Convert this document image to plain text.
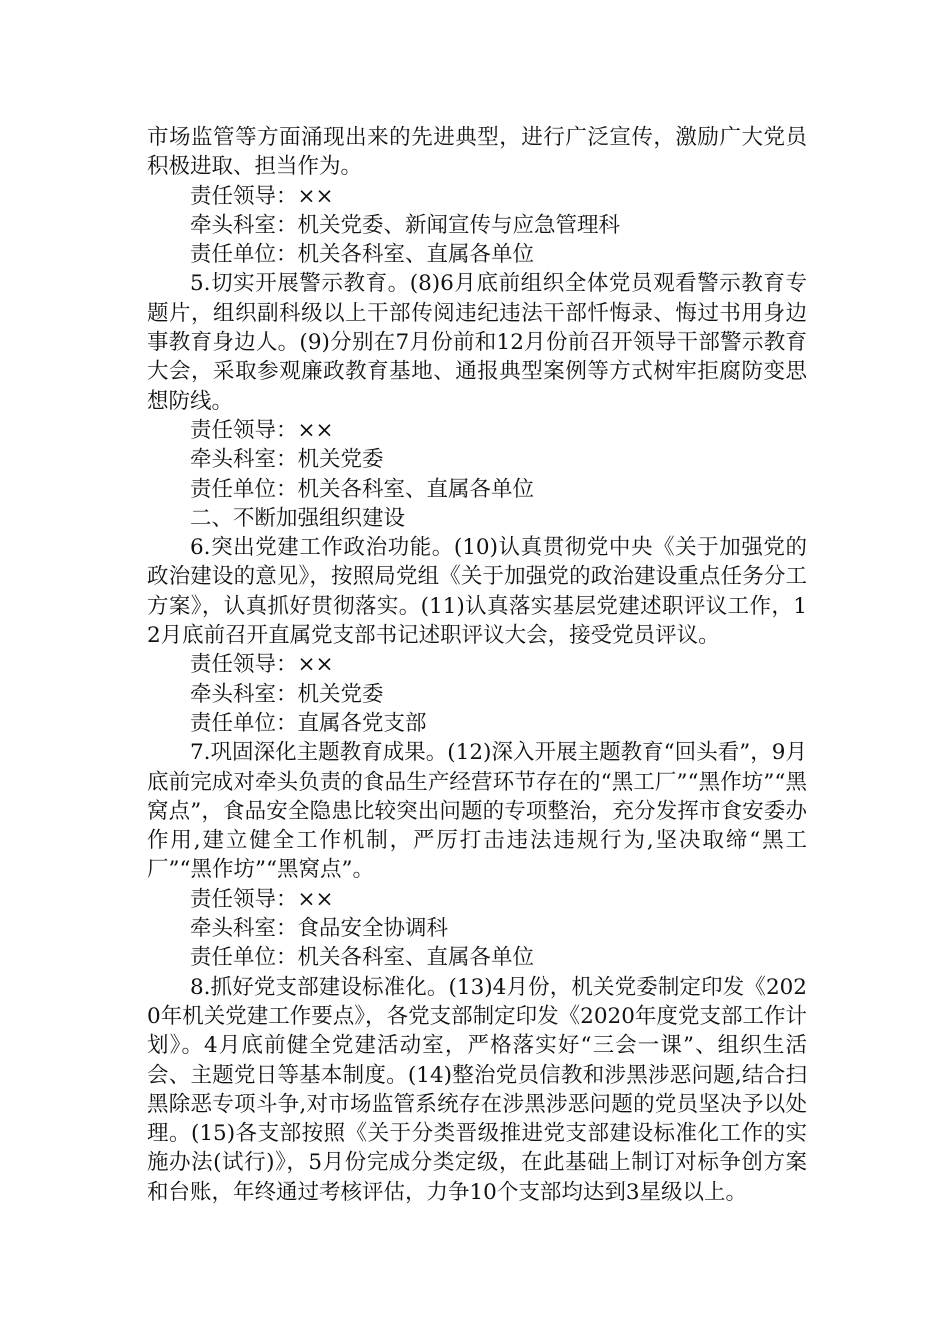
市场监管等方面涌现出来的先进典型，进行广泛宣传，激励广大党员积极进取、担当作为。

责任领导：××

牵头科室：机关党委、新闻宣传与应急管理科

责任单位：机关各科室、直属各单位

5.切实开展警示教育。(8)6月底前组织全体党员观看警示教育专题片，组织副科级以上干部传阅违纪违法干部忏悔录、悔过书用身边事教育身边人。(9)分别在7月份前和12月份前召开领导干部警示教育大会，采取参观廉政教育基地、通报典型案例等方式树牢拒腐防变思想防线。

责任领导：××

牵头科室：机关党委

责任单位：机关各科室、直属各单位

二、不断加强组织建设

6.突出党建工作政治功能。(10)认真贯彻党中央《关于加强党的政治建设的意见》，按照局党组《关于加强党的政治建设重点任务分工方案》，认真抓好贯彻落实。(11)认真落实基层党建述职评议工作，12月底前召开直属党支部书记述职评议大会，接受党员评议。

责任领导：××

牵头科室：机关党委

责任单位：直属各党支部

7.巩固深化主题教育成果。(12)深入开展主题教育“回头看”，9月底前完成对牵头负责的食品生产经营环节存在的“黑工厂”“黑作坊”“黑窝点”，食品安全隐患比较突出问题的专项整治，充分发挥市食安委办作用,建立健全工作机制，严厉打击违法违规行为,坚决取缔“黑工厂”“黑作坊”“黑窝点”。

责任领导：××

牵头科室：食品安全协调科

责任单位：机关各科室、直属各单位

8.抓好党支部建设标准化。(13)4月份，机关党委制定印发《2020年机关党建工作要点》，各党支部制定印发《2020年度党支部工作计划》。4月底前健全党建活动室，严格落实好“三会一课”、组织生活会、主题党日等基本制度。(14)整治党员信教和涉黑涉恶问题,结合扫黑除恶专项斗争,对市场监管系统存在涉黑涉恶问题的党员坚决予以处理。(15)各支部按照《关于分类晋级推进党支部建设标准化工作的实施办法(试行)》，5月份完成分类定级，在此基础上制订对标争创方案和台账，年终通过考核评估，力争10个支部均达到3星级以上。
